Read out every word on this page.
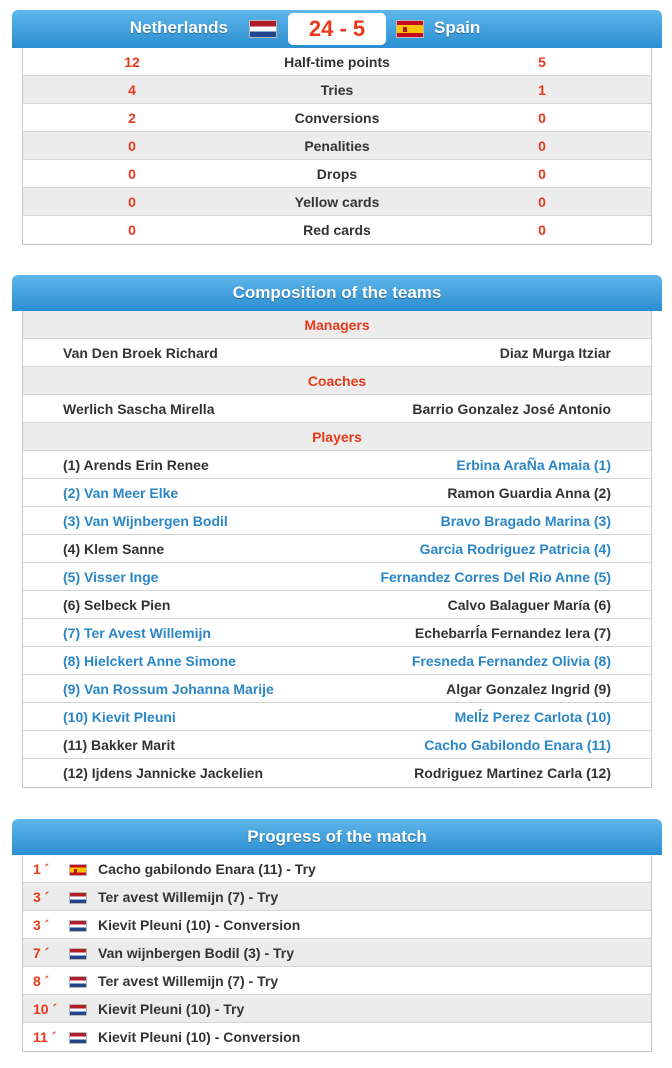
Netherlands	24 - 5	Spain
12	Half-time points	5
4	Tries	1
2	Conversions	0
0	Penalities	0
0	Drops	0
0	Yellow cards	0
0	Red cards	0
Composition of the teams
Managers
Van Den Broek Richard	Diaz Murga Itziar
Coaches
Werlich Sascha Mirella	Barrio Gonzalez José Antonio
Players
(1) Arends Erin Renee	Erbina AraÑa Amaia (1)
(2) Van Meer Elke	Ramon Guardia Anna (2)
(3) Van Wijnbergen Bodil	Bravo Bragado Marina (3)
(4) Klem Sanne	Garcia Rodriguez Patricia (4)
(5) Visser Inge	Fernandez Corres Del Rio Anne (5)
(6) Selbeck Pien	Calvo Balaguer María (6)
(7) Ter Avest Willemijn	Echebarrĺa Fernandez Iera (7)
(8) Hielckert Anne Simone	Fresneda Fernandez Olivia (8)
(9) Van Rossum Johanna Marije	Algar Gonzalez Ingrid (9)
(10) Kievit Pleuni	Melĺz Perez Carlota (10)
(11) Bakker Marit	Cacho Gabilondo Enara (11)
(12) Ijdens Jannicke Jackelien	Rodriguez Martinez Carla (12)
Progress of the match
1 ´	Cacho gabilondo Enara (11) - Try
3 ´	Ter avest Willemijn (7) - Try
3 ´	Kievit Pleuni (10) - Conversion
7 ´	Van wijnbergen Bodil (3) - Try
8 ´	Ter avest Willemijn (7) - Try
10 ´	Kievit Pleuni (10) - Try
11 ´	Kievit Pleuni (10) - Conversion
